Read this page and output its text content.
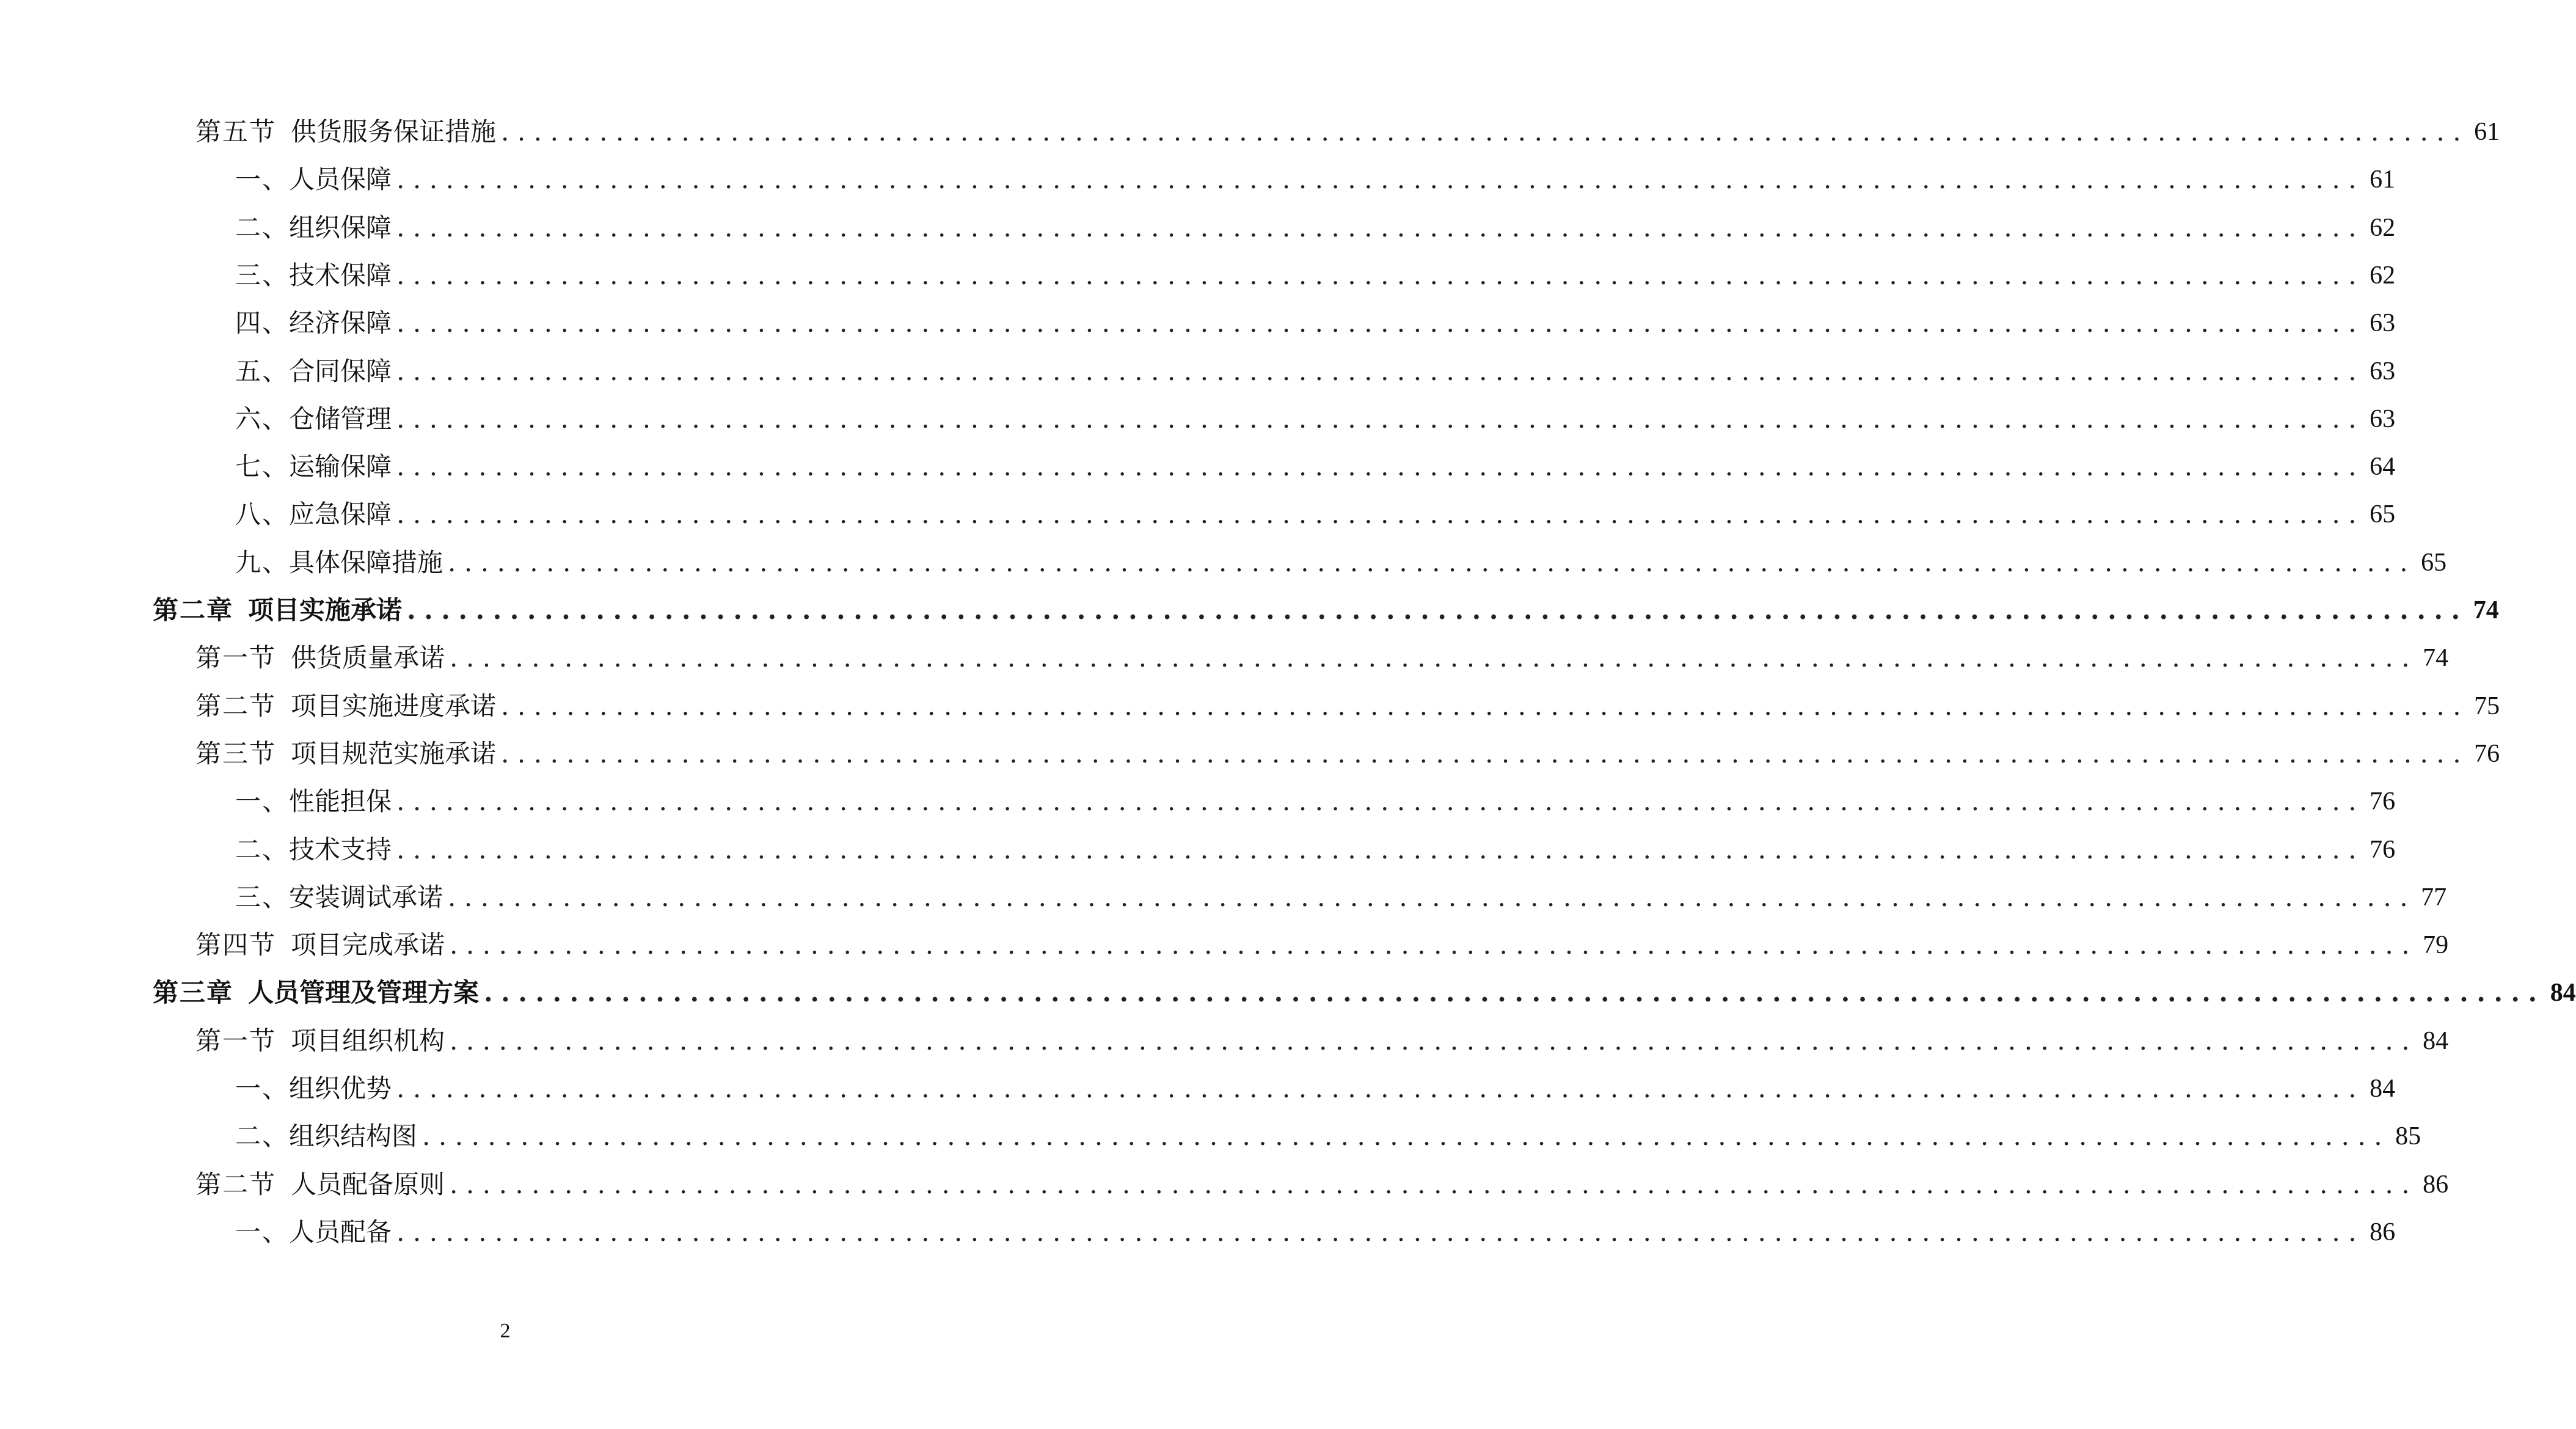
第五节 供货服务保证措施 ........................................................................................................................ 61
一、人员保障 ........................................................................................................................ 61
二、组织保障 ........................................................................................................................ 62
三、技术保障 ........................................................................................................................ 62
四、经济保障 ........................................................................................................................ 63
五、合同保障 ........................................................................................................................ 63
六、仓储管理 ........................................................................................................................ 63
七、运输保障 ........................................................................................................................ 64
八、应急保障 ........................................................................................................................ 65
九、具体保障措施 ........................................................................................................................ 65
第二章 项目实施承诺 ........................................................................................................................ 74
第一节 供货质量承诺 ........................................................................................................................ 74
第二节 项目实施进度承诺 ........................................................................................................................ 75
第三节 项目规范实施承诺 ........................................................................................................................ 76
一、性能担保 ........................................................................................................................ 76
二、技术支持 ........................................................................................................................ 76
三、安装调试承诺 ........................................................................................................................ 77
第四节 项目完成承诺 ........................................................................................................................ 79
第三章 人员管理及管理方案 ........................................................................................................................ 84
第一节 项目组织机构 ........................................................................................................................ 84
一、组织优势 ........................................................................................................................ 84
二、组织结构图 ........................................................................................................................ 85
第二节 人员配备原则 ........................................................................................................................ 86
一、人员配备 ........................................................................................................................ 86
2
